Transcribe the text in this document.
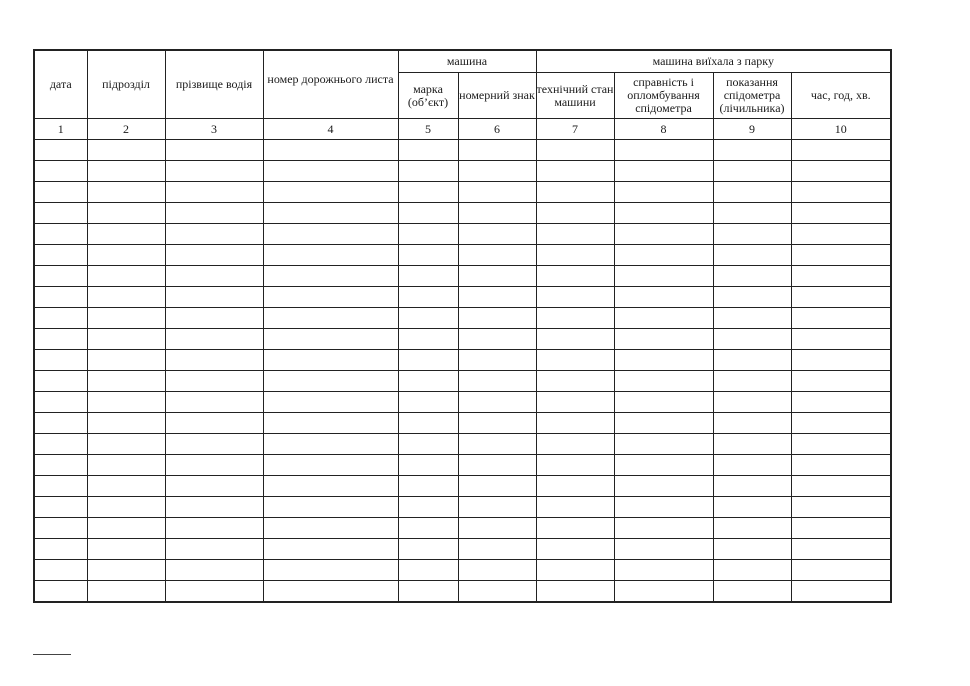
дата	підрозділ	прізвище водія	номер дорожнього листа	машина		машина виїхала з парку			
				марка (об’єкт)	номерний знак	технічний стан машини	справність і опломбування спідометра	показання спідометра (лічильника)	час, год, хв.
1	2	3	4	5	6	7	8	9	10
